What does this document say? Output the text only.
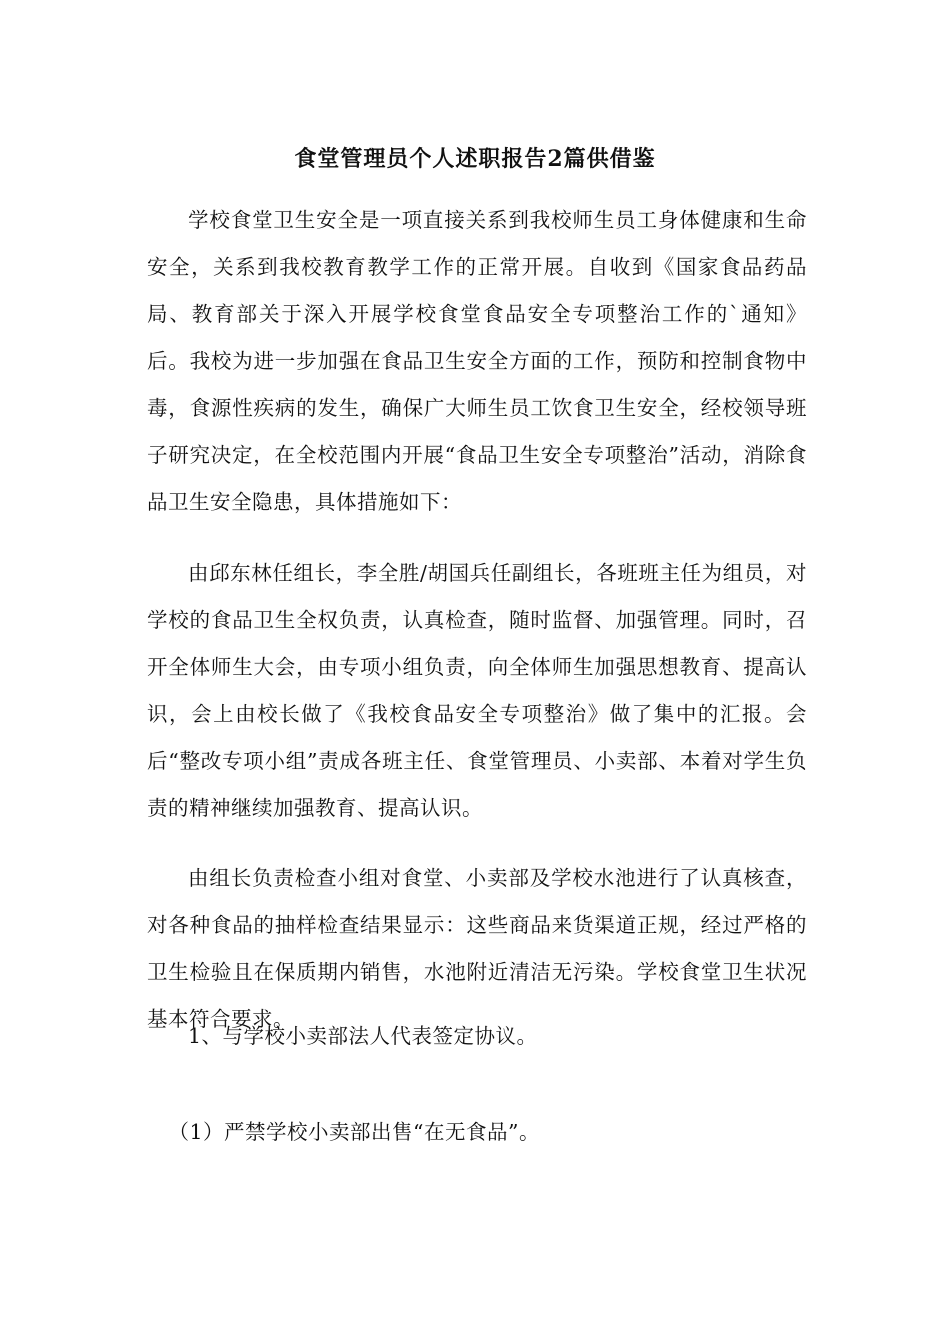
食堂管理员个人述职报告2篇供借鉴

学校食堂卫生安全是一项直接关系到我校师生员工身体健康和生命安全，关系到我校教育教学工作的正常开展。自收到《国家食品药品局、教育部关于深入开展学校食堂食品安全专项整治工作的`通知》后。我校为进一步加强在食品卫生安全方面的工作，预防和控制食物中毒，食源性疾病的发生，确保广大师生员工饮食卫生安全，经校领导班子研究决定，在全校范围内开展“食品卫生安全专项整治”活动，消除食品卫生安全隐患，具体措施如下：

由邱东林任组长，李全胜/胡国兵任副组长，各班班主任为组员，对学校的食品卫生全权负责，认真检查，随时监督、加强管理。同时，召开全体师生大会，由专项小组负责，向全体师生加强思想教育、提高认识，会上由校长做了《我校食品安全专项整治》做了集中的汇报。会后“整改专项小组”责成各班主任、食堂管理员、小卖部、本着对学生负责的精神继续加强教育、提高认识。

由组长负责检查小组对食堂、小卖部及学校水池进行了认真核查，对各种食品的抽样检查结果显示：这些商品来货渠道正规，经过严格的卫生检验且在保质期内销售，水池附近清洁无污染。学校食堂卫生状况基本符合要求。

1、与学校小卖部法人代表签定协议。

（1）严禁学校小卖部出售“在无食品”。
